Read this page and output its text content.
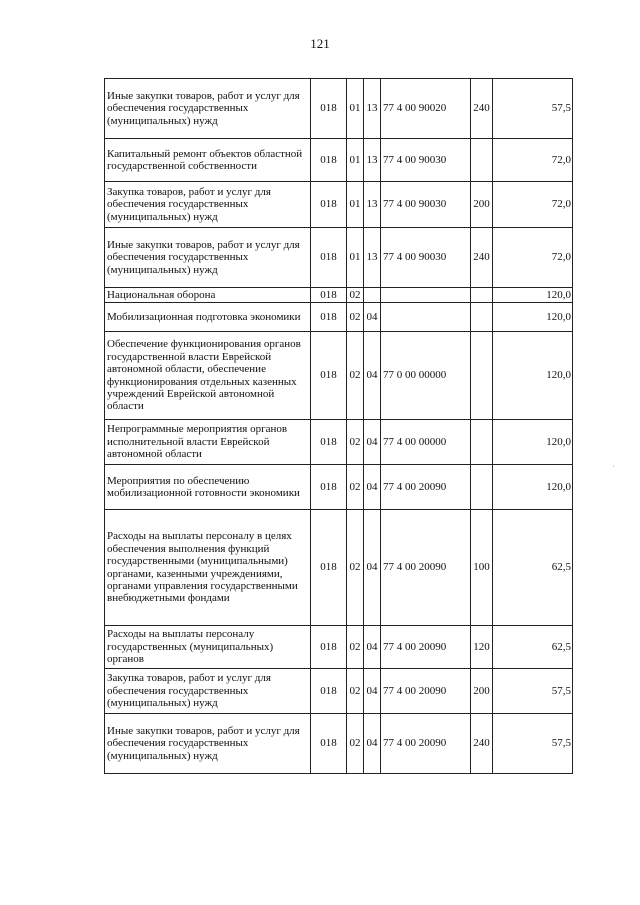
121
Иные закупки товаров, работ и услуг для обеспечения государственных (муниципальных) нужд	018	01	13	77 4 00 90020	240	57,5
Капитальный ремонт объектов областной государственной собственности	018	01	13	77 4 00 90030		72,0
Закупка товаров, работ и услуг для обеспечения государственных (муниципальных) нужд	018	01	13	77 4 00 90030	200	72,0
Иные закупки товаров, работ и услуг для обеспечения государственных (муниципальных) нужд	018	01	13	77 4 00 90030	240	72,0
Национальная оборона	018	02				120,0
Мобилизационная подготовка экономики	018	02	04			120,0
Обеспечение функционирования органов государственной власти Еврейской автономной области, обеспечение функционирования отдельных казенных учреждений Еврейской автономной области	018	02	04	77 0 00 00000		120,0
Непрограммные мероприятия органов исполнительной власти Еврейской автономной области	018	02	04	77 4 00 00000		120,0
Мероприятия по обеспечению мобилизационной готовности экономики	018	02	04	77 4 00 20090		120,0
Расходы на выплаты персоналу в целях обеспечения выполнения функций государственными (муниципальными) органами, казенными учреждениями, органами управления государственными внебюджетными фондами	018	02	04	77 4 00 20090	100	62,5
Расходы на выплаты персоналу государственных (муниципальных) органов	018	02	04	77 4 00 20090	120	62,5
Закупка товаров, работ и услуг для обеспечения государственных (муниципальных) нужд	018	02	04	77 4 00 20090	200	57,5
Иные закупки товаров, работ и услуг для обеспечения государственных (муниципальных) нужд	018	02	04	77 4 00 20090	240	57,5
·
